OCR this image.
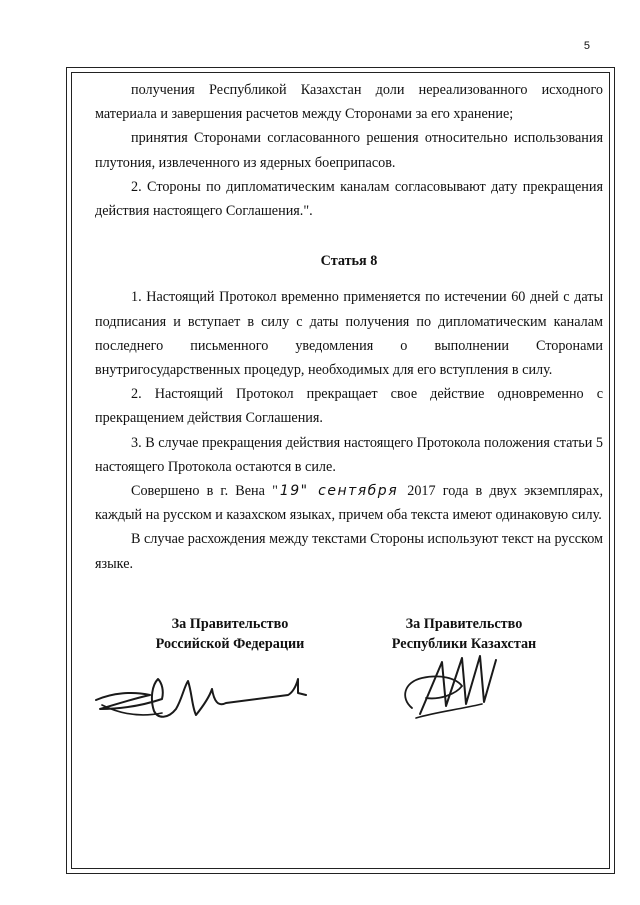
5

получения Республикой Казахстан доли нереализованного исходного материала и завершения расчетов между Сторонами за его хранение;

принятия Сторонами согласованного решения относительно использования плутония, извлеченного из ядерных боеприпасов.

2. Стороны по дипломатическим каналам согласовывают дату прекращения действия настоящего Соглашения.".

Статья 8

1. Настоящий Протокол временно применяется по истечении 60 дней с даты подписания и вступает в силу с даты получения по дипломатическим каналам последнего письменного уведомления о выполнении Сторонами внутригосударственных процедур, необходимых для его вступления в силу.

2. Настоящий Протокол прекращает свое действие одновременно с прекращением действия Соглашения.

3. В случае прекращения действия настоящего Протокола положения статьи 5 настоящего Протокола остаются в силе.

Совершено в г. Вена " 19" сентября 2017 года в двух экземплярах, каждый на русском и казахском языках, причем оба текста имеют одинаковую силу.

В случае расхождения между текстами Стороны используют текст на русском языке.

За Правительство
Российской Федерации
За Правительство
Республики Казахстан
